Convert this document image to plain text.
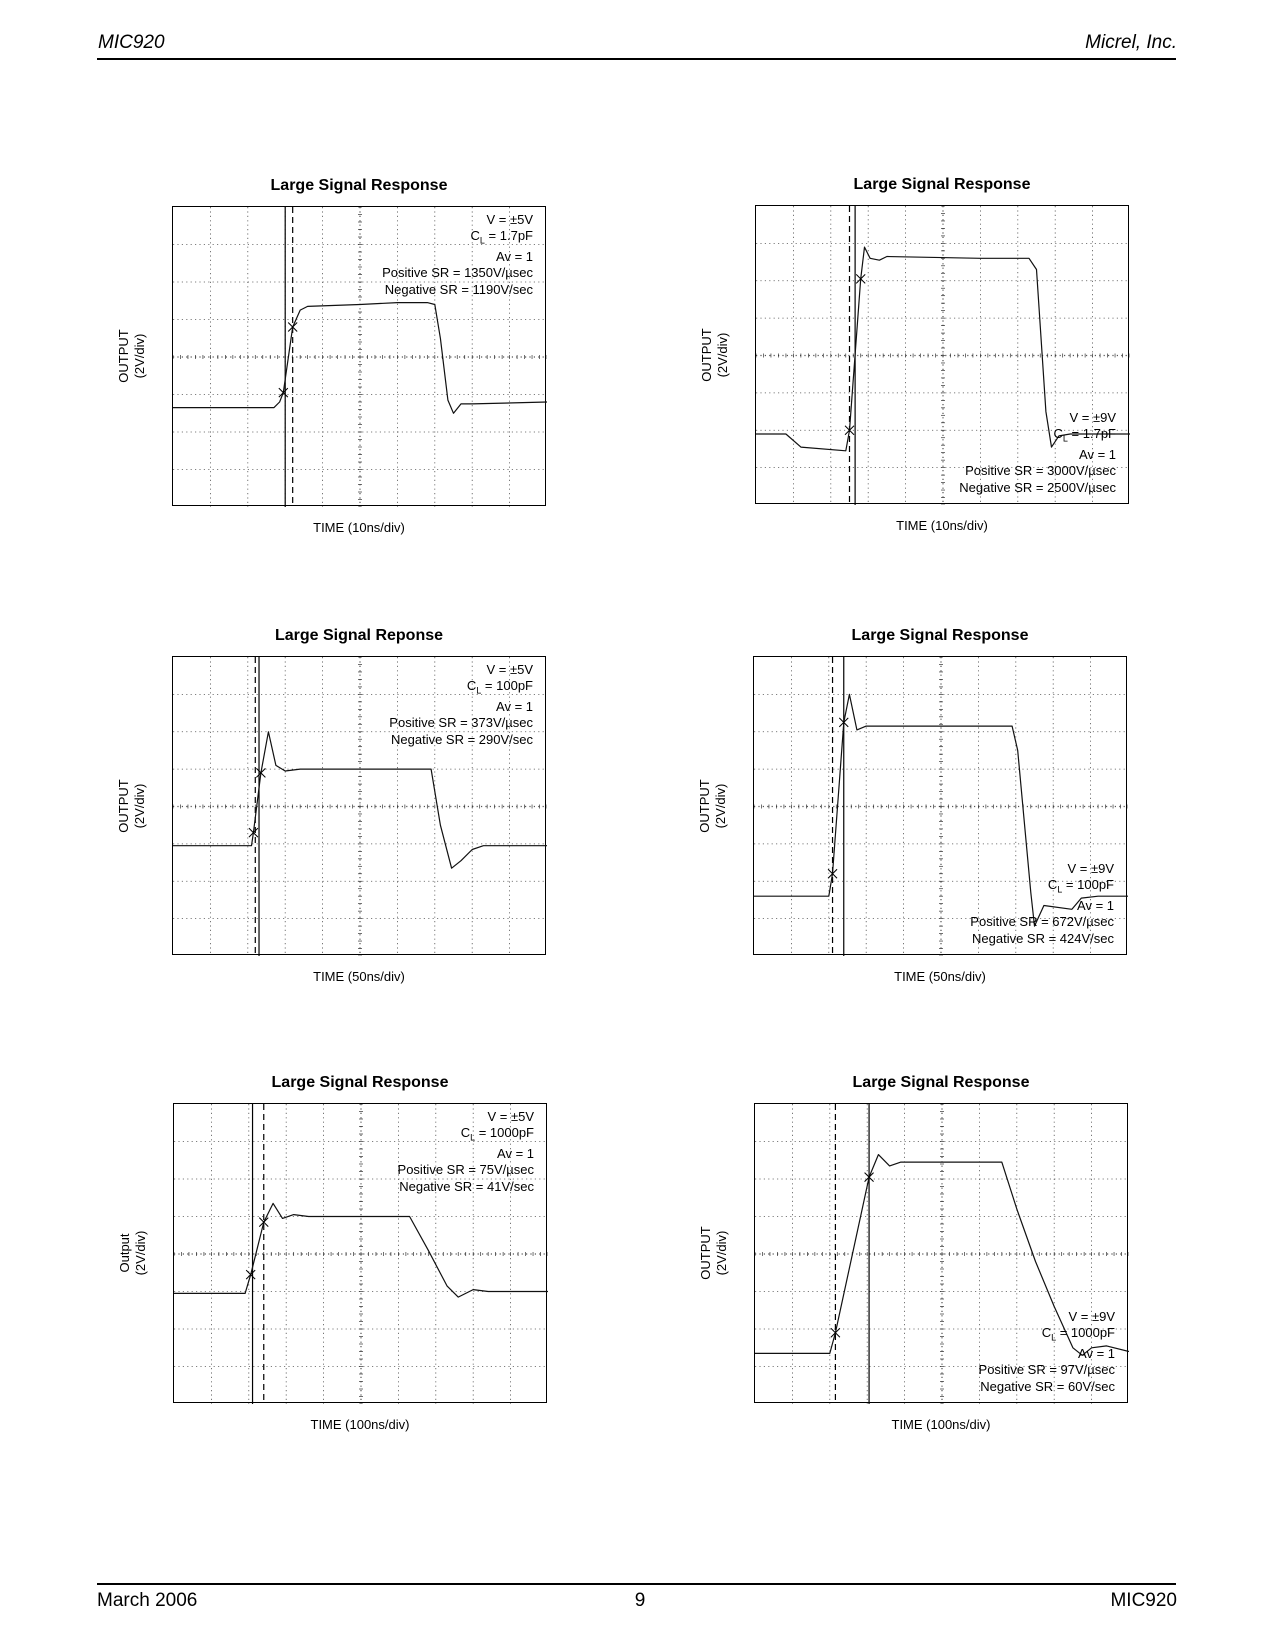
MIC920	Micrel, Inc.
Large Signal Response
OUTPUT (2V/div)
TIME (10ns/div)
V = ±5V
$C_L = 1.7pF$
Av = 1
Positive SR = 1350V/µsec
Negative SR = 1190V/sec
Large Signal Response
OUTPUT (2V/div)
TIME (10ns/div)
V = ±9V
$C_L = 1.7pF$
Av = 1
Positive SR = 3000V/µsec
Negative SR = 2500V/µsec
Large Signal Reponse
OUTPUT (2V/div)
TIME (50ns/div)
V = ±5V
$C_L = 100pF$
Av = 1
Positive SR = 373V/µsec
Negative SR = 290V/sec
Large Signal Response
OUTPUT (2V/div)
TIME (50ns/div)
V = ±9V
$C_L = 100pF$
Av = 1
Positive SR = 672V/µsec
Negative SR = 424V/sec
Large Signal Response
Output (2V/div)
TIME (100ns/div)
V = ±5V
$C_L = 1000pF$
Av = 1
Positive SR = 75V/µsec
Negative SR = 41V/sec
Large Signal Response
OUTPUT (2V/div)
TIME (100ns/div)
V = ±9V
$C_L = 1000pF$
Av = 1
Positive SR = 97V/µsec
Negative SR = 60V/sec
March 2006	9	MIC920
